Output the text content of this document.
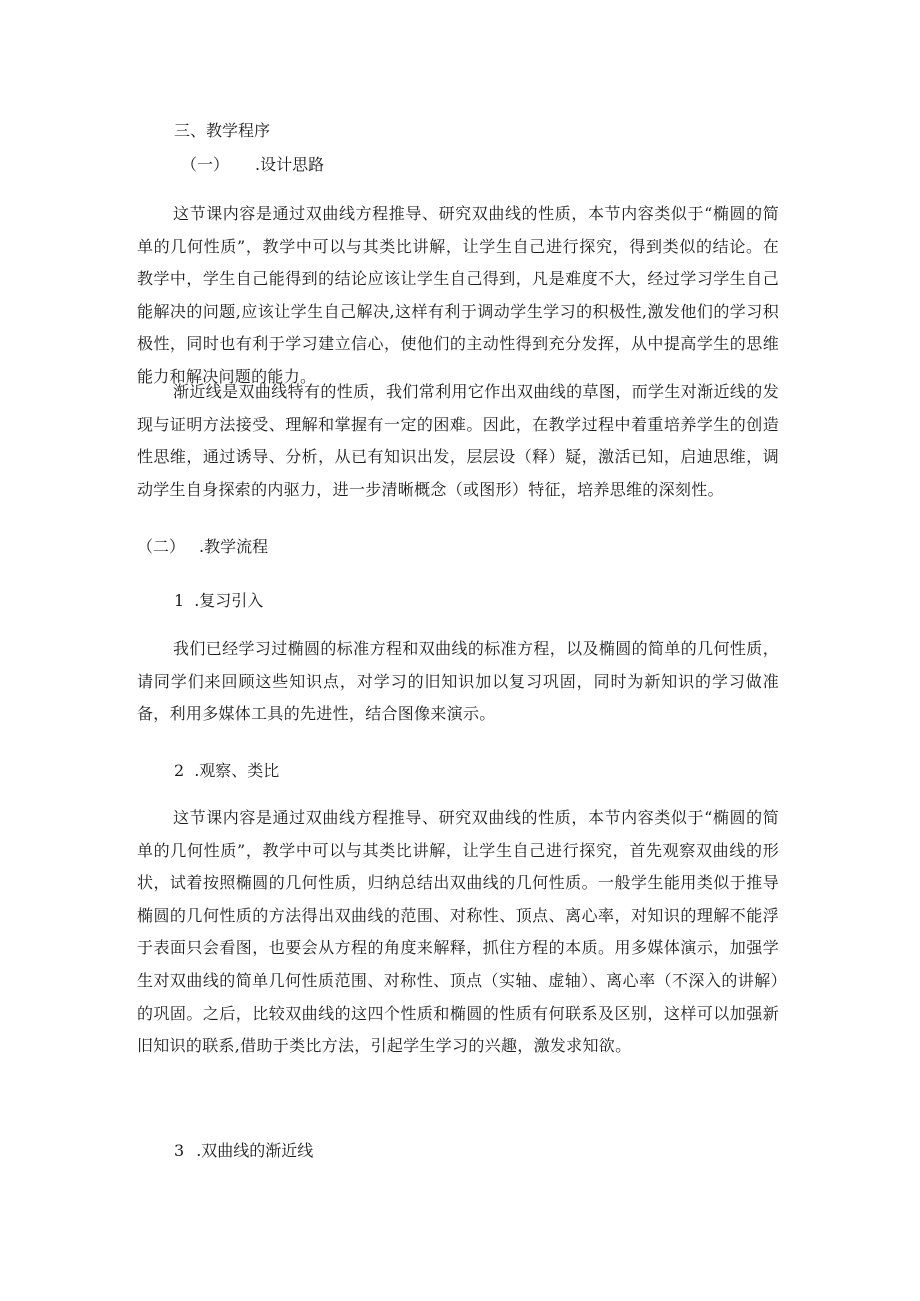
三、教学程序

（一） .设计思路

这节课内容是通过双曲线方程推导、研究双曲线的性质，本节内容类似于“椭圆的简单的几何性质”，教学中可以与其类比讲解，让学生自己进行探究，得到类似的结论。在教学中，学生自己能得到的结论应该让学生自己得到，凡是难度不大，经过学习学生自己能解决的问题,应该让学生自己解决,这样有利于调动学生学习的积极性,激发他们的学习积极性，同时也有利于学习建立信心，使他们的主动性得到充分发挥，从中提高学生的思维能力和解决问题的能力。

渐近线是双曲线特有的性质，我们常利用它作出双曲线的草图，而学生对渐近线的发现与证明方法接受、理解和掌握有一定的困难。因此，在教学过程中着重培养学生的创造性思维，通过诱导、分析，从已有知识出发，层层设（释）疑，激活已知，启迪思维，调动学生自身探索的内驱力，进一步清晰概念（或图形）特征，培养思维的深刻性。

（二） .教学流程

1 .复习引入

我们已经学习过椭圆的标准方程和双曲线的标准方程，以及椭圆的简单的几何性质，请同学们来回顾这些知识点，对学习的旧知识加以复习巩固，同时为新知识的学习做准备，利用多媒体工具的先进性，结合图像来演示。

2 .观察、类比

这节课内容是通过双曲线方程推导、研究双曲线的性质，本节内容类似于“椭圆的简单的几何性质”，教学中可以与其类比讲解，让学生自己进行探究，首先观察双曲线的形状，试着按照椭圆的几何性质，归纳总结出双曲线的几何性质。一般学生能用类似于推导椭圆的几何性质的方法得出双曲线的范围、对称性、顶点、离心率，对知识的理解不能浮于表面只会看图，也要会从方程的角度来解释，抓住方程的本质。用多媒体演示，加强学生对双曲线的简单几何性质范围、对称性、顶点（实轴、虚轴）、离心率（不深入的讲解）的巩固。之后，比较双曲线的这四个性质和椭圆的性质有何联系及区别，这样可以加强新旧知识的联系,借助于类比方法，引起学生学习的兴趣，激发求知欲。

3 .双曲线的渐近线
